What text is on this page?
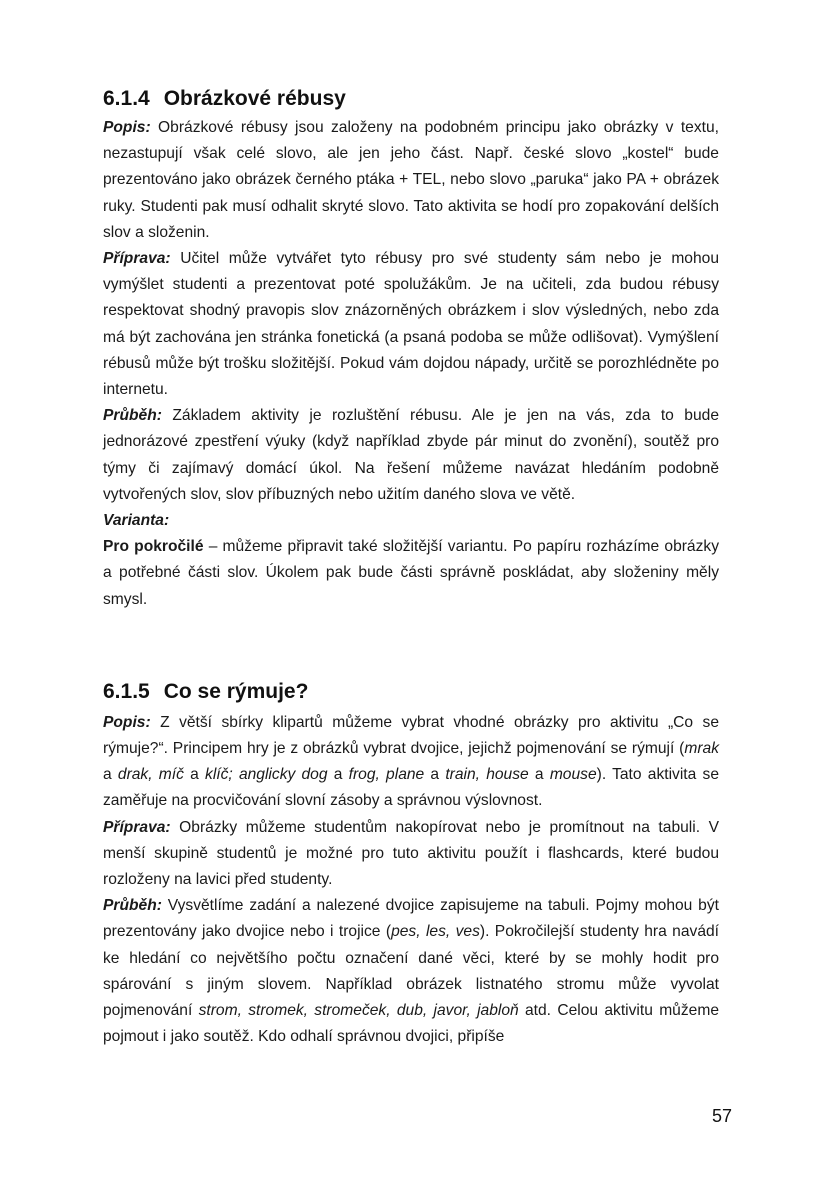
6.1.4 Obrázkové rébusy

Popis: Obrázkové rébusy jsou založeny na podobném principu jako obrázky v textu, nezastupují však celé slovo, ale jen jeho část. Např. české slovo „kostel“ bude prezentováno jako obrázek černého ptáka + TEL, nebo slovo „paruka“ jako PA + obrázek ruky. Studenti pak musí odhalit skryté slovo. Tato aktivita se hodí pro zopakování delších slov a složenin.

Příprava: Učitel může vytvářet tyto rébusy pro své studenty sám nebo je mohou vymýšlet studenti a prezentovat poté spolužákům. Je na učiteli, zda budou rébusy respektovat shodný pravopis slov znázorněných obrázkem i slov výsledných, nebo zda má být zachována jen stránka fonetická (a psaná podoba se může odlišovat). Vymýšlení rébusů může být trošku složitější. Pokud vám dojdou nápady, určitě se porozhlédněte po internetu.

Průběh: Základem aktivity je rozluštění rébusu. Ale je jen na vás, zda to bude jednorázové zpestření výuky (když například zbyde pár minut do zvonění), soutěž pro týmy či zajímavý domácí úkol. Na řešení můžeme navázat hledáním podobně vytvořených slov, slov příbuzných nebo užitím daného slova ve větě.

Varianta:

Pro pokročilé – můžeme připravit také složitější variantu. Po papíru rozházíme obrázky a potřebné části slov. Úkolem pak bude části správně poskládat, aby složeniny měly smysl.

6.1.5 Co se rýmuje?

Popis: Z větší sbírky klipartů můžeme vybrat vhodné obrázky pro aktivitu „Co se rýmuje?“. Principem hry je z obrázků vybrat dvojice, jejichž pojmenování se rýmují (mrak a drak, míč a klíč; anglicky dog a frog, plane a train, house a mouse). Tato aktivita se zaměřuje na procvičování slovní zásoby a správnou výslovnost.

Příprava: Obrázky můžeme studentům nakopírovat nebo je promítnout na tabuli. V menší skupině studentů je možné pro tuto aktivitu použít i flashcards, které budou rozloženy na lavici před studenty.

Průběh: Vysvětlíme zadání a nalezené dvojice zapisujeme na tabuli. Pojmy mohou být prezentovány jako dvojice nebo i trojice (pes, les, ves). Pokročilejší studenty hra navádí ke hledání co největšího počtu označení dané věci, které by se mohly hodit pro spárování s jiným slovem. Například obrázek listnatého stromu může vyvolat pojmenování strom, stromek, stromeček, dub, javor, jabloň atd. Celou aktivitu můžeme pojmout i jako soutěž. Kdo odhalí správnou dvojici, připíše

57
